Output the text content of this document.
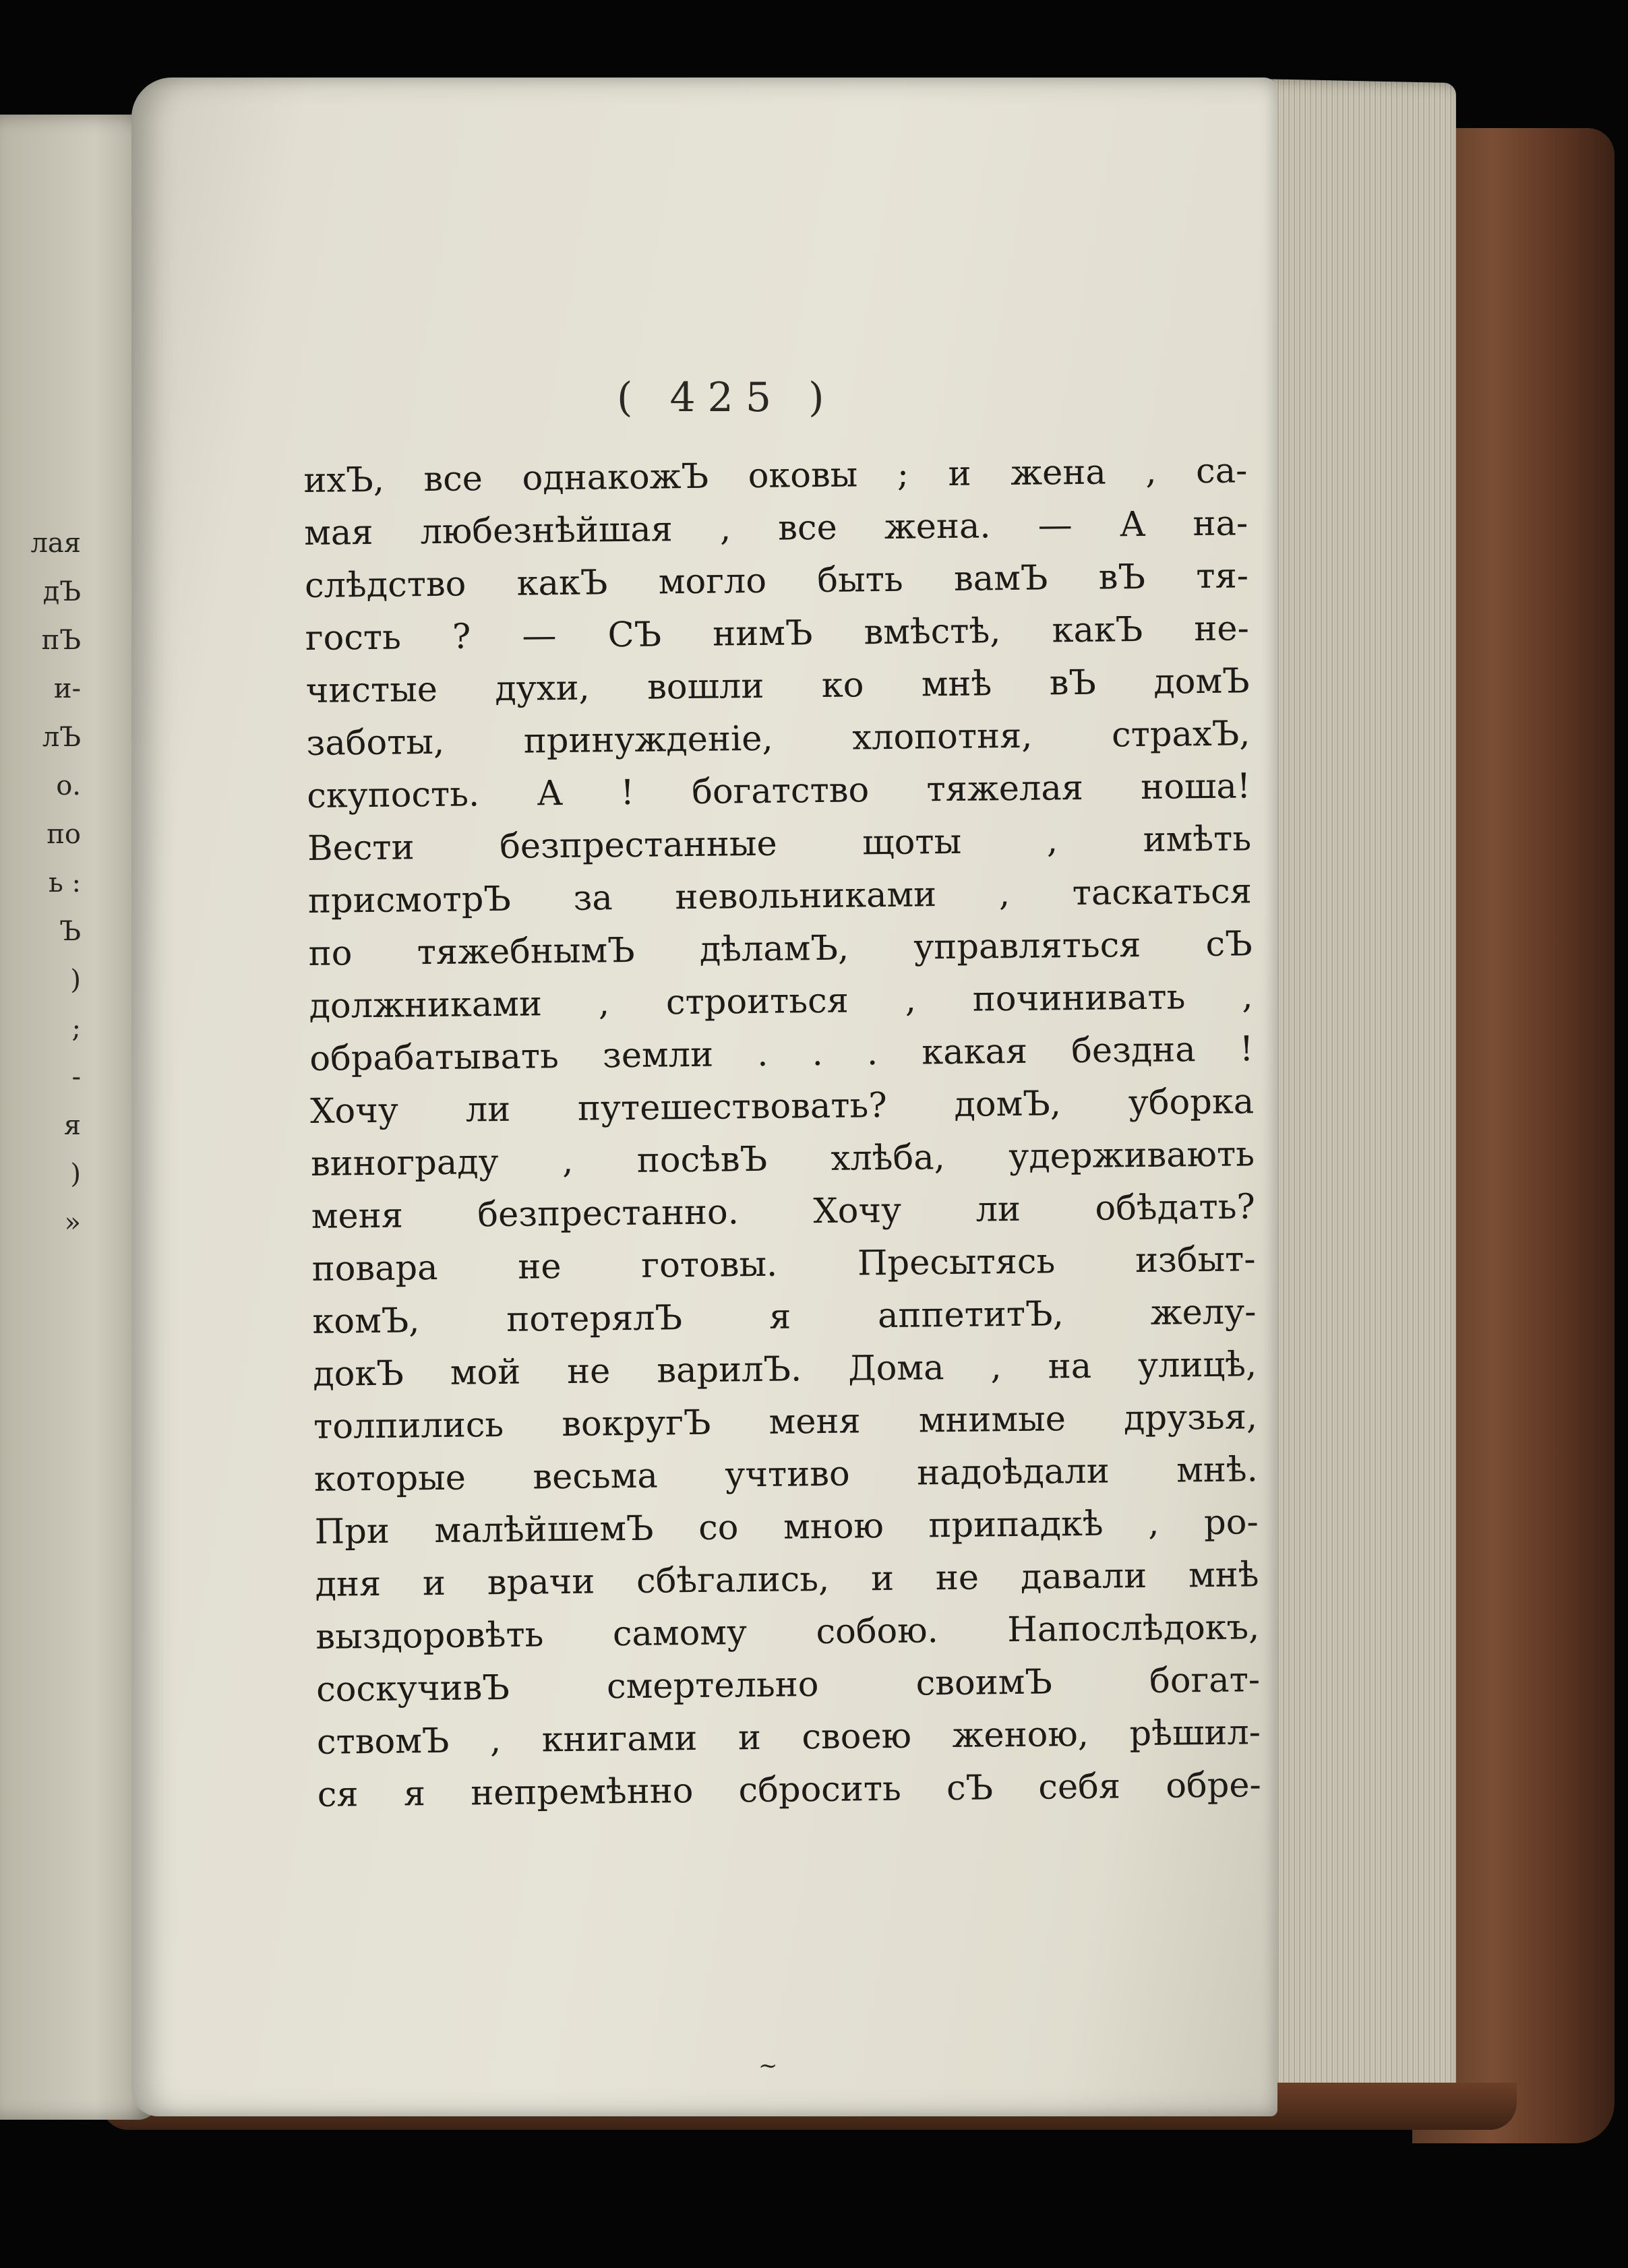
лая
дЪ
пЪ
и-
лЪ
о.
по
ь :
Ъ
)
;
-
я
)
»
( 425 )
ихЪ, все однакожЪ оковы ; и жена , са-
мая любезнѣйшая , все жена. — А на-
слѣдство какЪ могло быть вамЪ вЪ тя-
гость ? — СЪ нимЪ вмѣстѣ, какЪ не-
чистые духи, вошли ко мнѣ вЪ домЪ
заботы, принужденіе, хлопотня, страхЪ,
скупость. А ! богатство тяжелая ноша!
Вести безпрестанные щоты , имѣть
присмотрЪ за невольниками , таскаться
по тяжебнымЪ дѣламЪ, управляться сЪ
должниками , строиться , починивать ,
обрабатывать земли . . . какая бездна !
Хочу ли путешествовать? домЪ, уборка
винограду , посѣвЪ хлѣба, удерживають
меня безпрестанно. Хочу ли обѣдать?
повара не готовы. Пресытясь избыт-
комЪ, потерялЪ я аппетитЪ, желу-
докЪ мой не варилЪ. Дома , на улицѣ,
толпились вокругЪ меня мнимые друзья,
которые весьма учтиво надоѣдали мнѣ.
При малѣйшемЪ со мною припадкѣ , ро-
дня и врачи сбѣгались, и не давали мнѣ
выздоровѣть самому собою. Напослѣдокъ,
соскучивЪ смертельно своимЪ богат-
ствомЪ , книгами и своею женою, рѣшил-
ся я непремѣнно сбросить сЪ себя обре-
~
